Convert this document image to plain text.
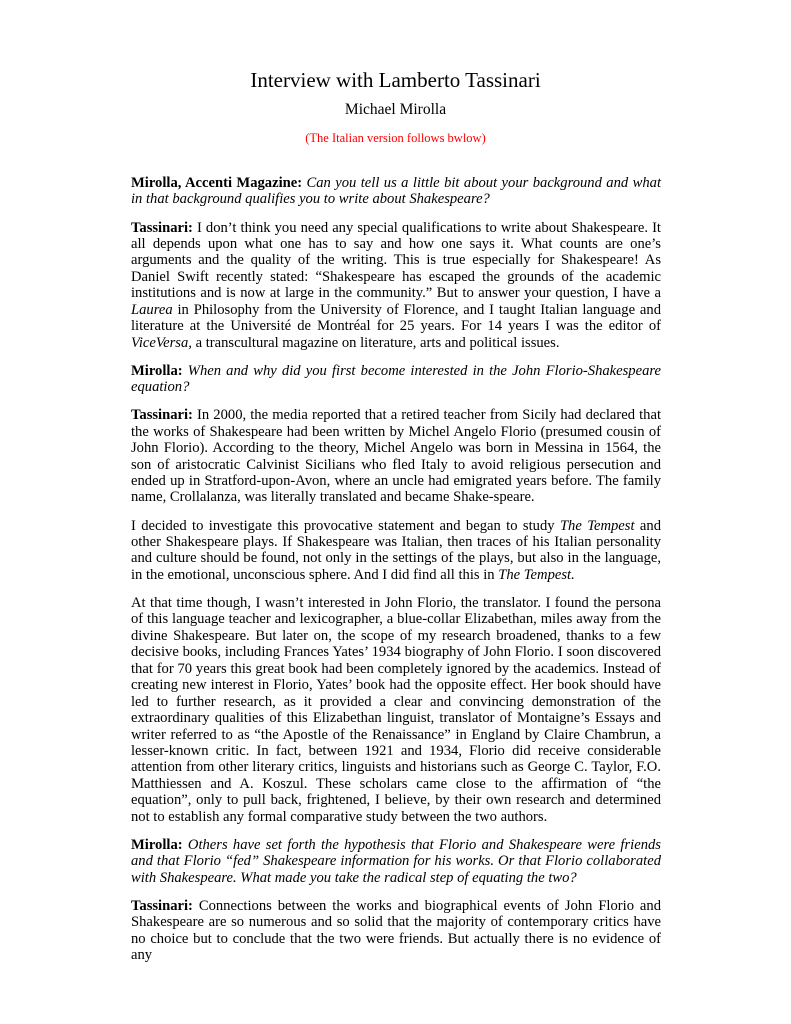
Interview with Lamberto Tassinari
Michael Mirolla
(The Italian version follows bwlow)

Mirolla, Accenti Magazine: Can you tell us a little bit about your background and what in that background qualifies you to write about Shakespeare?

Tassinari: I don’t think you need any special qualifications to write about Shakespeare. It all depends upon what one has to say and how one says it. What counts are one’s arguments and the quality of the writing. This is true especially for Shakespeare! As Daniel Swift recently stated: “Shakespeare has escaped the grounds of the academic institutions and is now at large in the community.” But to answer your question, I have a Laurea in Philosophy from the University of Florence, and I taught Italian language and literature at the Université de Montréal for 25 years. For 14 years I was the editor of ViceVersa, a transcultural magazine on literature, arts and political issues.

Mirolla: When and why did you first become interested in the John Florio-Shakespeare equation?

Tassinari: In 2000, the media reported that a retired teacher from Sicily had declared that the works of Shakespeare had been written by Michel Angelo Florio (presumed cousin of John Florio). According to the theory, Michel Angelo was born in Messina in 1564, the son of aristocratic Calvinist Sicilians who fled Italy to avoid religious persecution and ended up in Stratford-upon-Avon, where an uncle had emigrated years before. The family name, Crollalanza, was literally translated and became Shake-speare.

I decided to investigate this provocative statement and began to study The Tempest and other Shakespeare plays. If Shakespeare was Italian, then traces of his Italian personality and culture should be found, not only in the settings of the plays, but also in the language, in the emotional, unconscious sphere. And I did find all this in The Tempest.

At that time though, I wasn’t interested in John Florio, the translator. I found the persona of this language teacher and lexicographer, a blue-collar Elizabethan, miles away from the divine Shakespeare. But later on, the scope of my research broadened, thanks to a few decisive books, including Frances Yates’ 1934 biography of John Florio. I soon discovered that for 70 years this great book had been completely ignored by the academics. Instead of creating new interest in Florio, Yates’ book had the opposite effect. Her book should have led to further research, as it provided a clear and convincing demonstration of the extraordinary qualities of this Elizabethan linguist, translator of Montaigne’s Essays and writer referred to as “the Apostle of the Renaissance” in England by Claire Chambrun, a lesser-known critic. In fact, between 1921 and 1934, Florio did receive considerable attention from other literary critics, linguists and historians such as George C. Taylor, F.O. Matthiessen and A. Koszul. These scholars came close to the affirmation of “the equation”, only to pull back, frightened, I believe, by their own research and determined not to establish any formal comparative study between the two authors.

Mirolla: Others have set forth the hypothesis that Florio and Shakespeare were friends and that Florio “fed” Shakespeare information for his works. Or that Florio collaborated with Shakespeare. What made you take the radical step of equating the two?

Tassinari: Connections between the works and biographical events of John Florio and Shakespeare are so numerous and so solid that the majority of contemporary critics have no choice but to conclude that the two were friends. But actually there is no evidence of any
